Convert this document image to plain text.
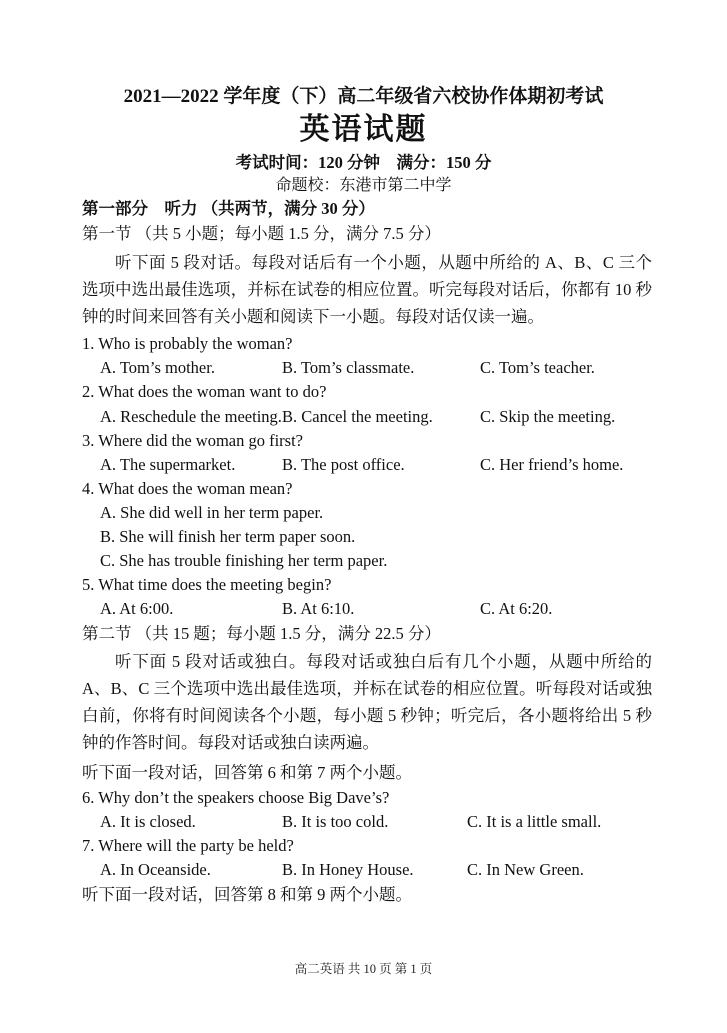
2021—2022 学年度（下）高二年级省六校协作体期初考试
英语试题
考试时间：120 分钟　满分：150 分
命题校：东港市第二中学
第一部分　听力 （共两节，满分 30 分）
第一节 （共 5 小题；每小题 1.5 分，满分 7.5 分）
听下面 5 段对话。每段对话后有一个小题，从题中所给的 A、B、C 三个选项中选出最佳选项，并标在试卷的相应位置。听完每段对话后，你都有 10 秒钟的时间来回答有关小题和阅读下一小题。每段对话仅读一遍。
1. Who is probably the woman?
A. Tom’s mother.	B. Tom’s classmate.	C. Tom’s teacher.
2. What does the woman want to do?
A. Reschedule the meeting. B. Cancel the meeting.	C. Skip the meeting.
3. Where did the woman go first?
A. The supermarket.	B. The post office.	C. Her friend’s home.
4. What does the woman mean?
A. She did well in her term paper.
B. She will finish her term paper soon.
C. She has trouble finishing her term paper.
5. What time does the meeting begin?
A. At 6:00.	B. At 6:10.	C. At 6:20.
第二节 （共 15 题；每小题 1.5 分，满分 22.5 分）
听下面 5 段对话或独白。每段对话或独白后有几个小题，从题中所给的 A、B、C 三个选项中选出最佳选项，并标在试卷的相应位置。听每段对话或独白前，你将有时间阅读各个小题，每小题 5 秒钟；听完后，各小题将给出 5 秒钟的作答时间。每段对话或独白读两遍。
听下面一段对话，回答第 6 和第 7 两个小题。
6. Why don’t the speakers choose Big Dave’s?
A. It is closed.	B. It is too cold.	C. It is a little small.
7. Where will the party be held?
A. In Oceanside.	B. In Honey House.	C. In New Green.
听下面一段对话，回答第 8 和第 9 两个小题。
高二英语 共 10 页 第 1 页
